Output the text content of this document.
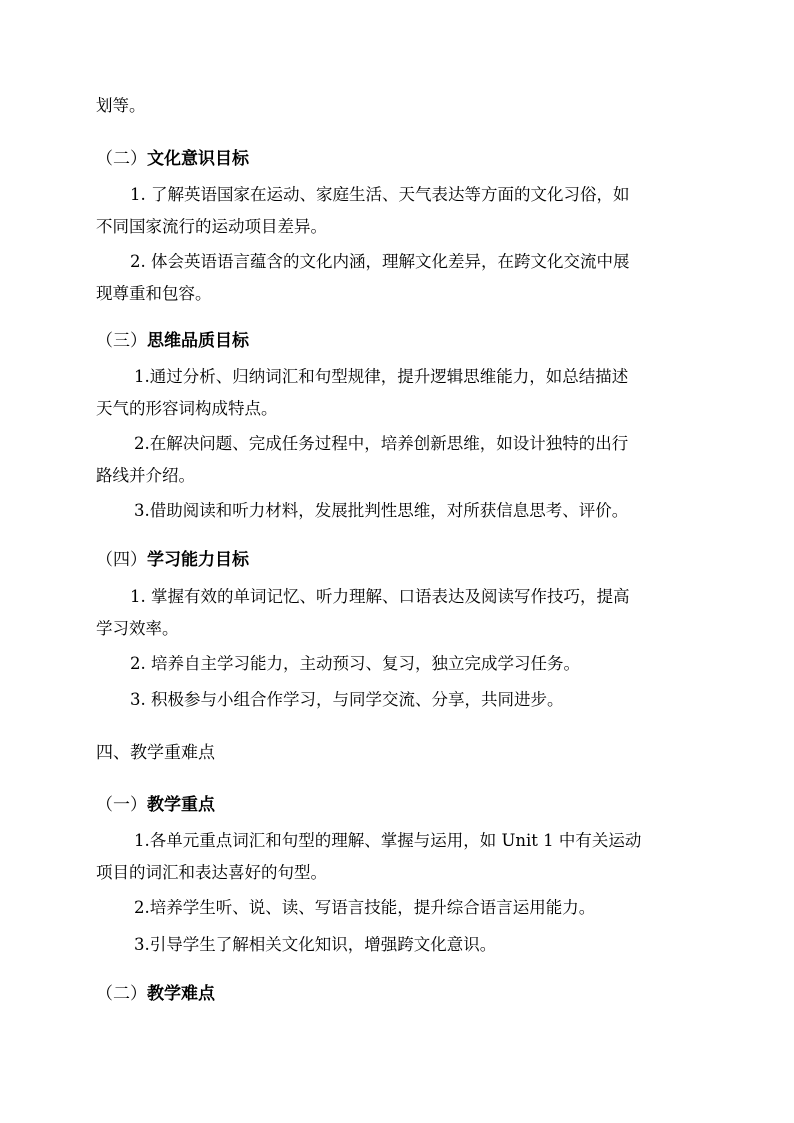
划等。
（二）文化意识目标
1. 了解英语国家在运动、家庭生活、天气表达等方面的文化习俗，如
不同国家流行的运动项目差异。
2. 体会英语语言蕴含的文化内涵，理解文化差异，在跨文化交流中展
现尊重和包容。
（三）思维品质目标
1.通过分析、归纳词汇和句型规律，提升逻辑思维能力，如总结描述
天气的形容词构成特点。
2.在解决问题、完成任务过程中，培养创新思维，如设计独特的出行
路线并介绍。
3.借助阅读和听力材料，发展批判性思维，对所获信息思考、评价。
（四）学习能力目标
1. 掌握有效的单词记忆、听力理解、口语表达及阅读写作技巧，提高
学习效率。
2. 培养自主学习能力，主动预习、复习，独立完成学习任务。
3. 积极参与小组合作学习，与同学交流、分享，共同进步。
四、教学重难点
（一）教学重点
1.各单元重点词汇和句型的理解、掌握与运用，如 Unit 1 中有关运动
项目的词汇和表达喜好的句型。
2.培养学生听、说、读、写语言技能，提升综合语言运用能力。
3.引导学生了解相关文化知识，增强跨文化意识。
（二）教学难点
